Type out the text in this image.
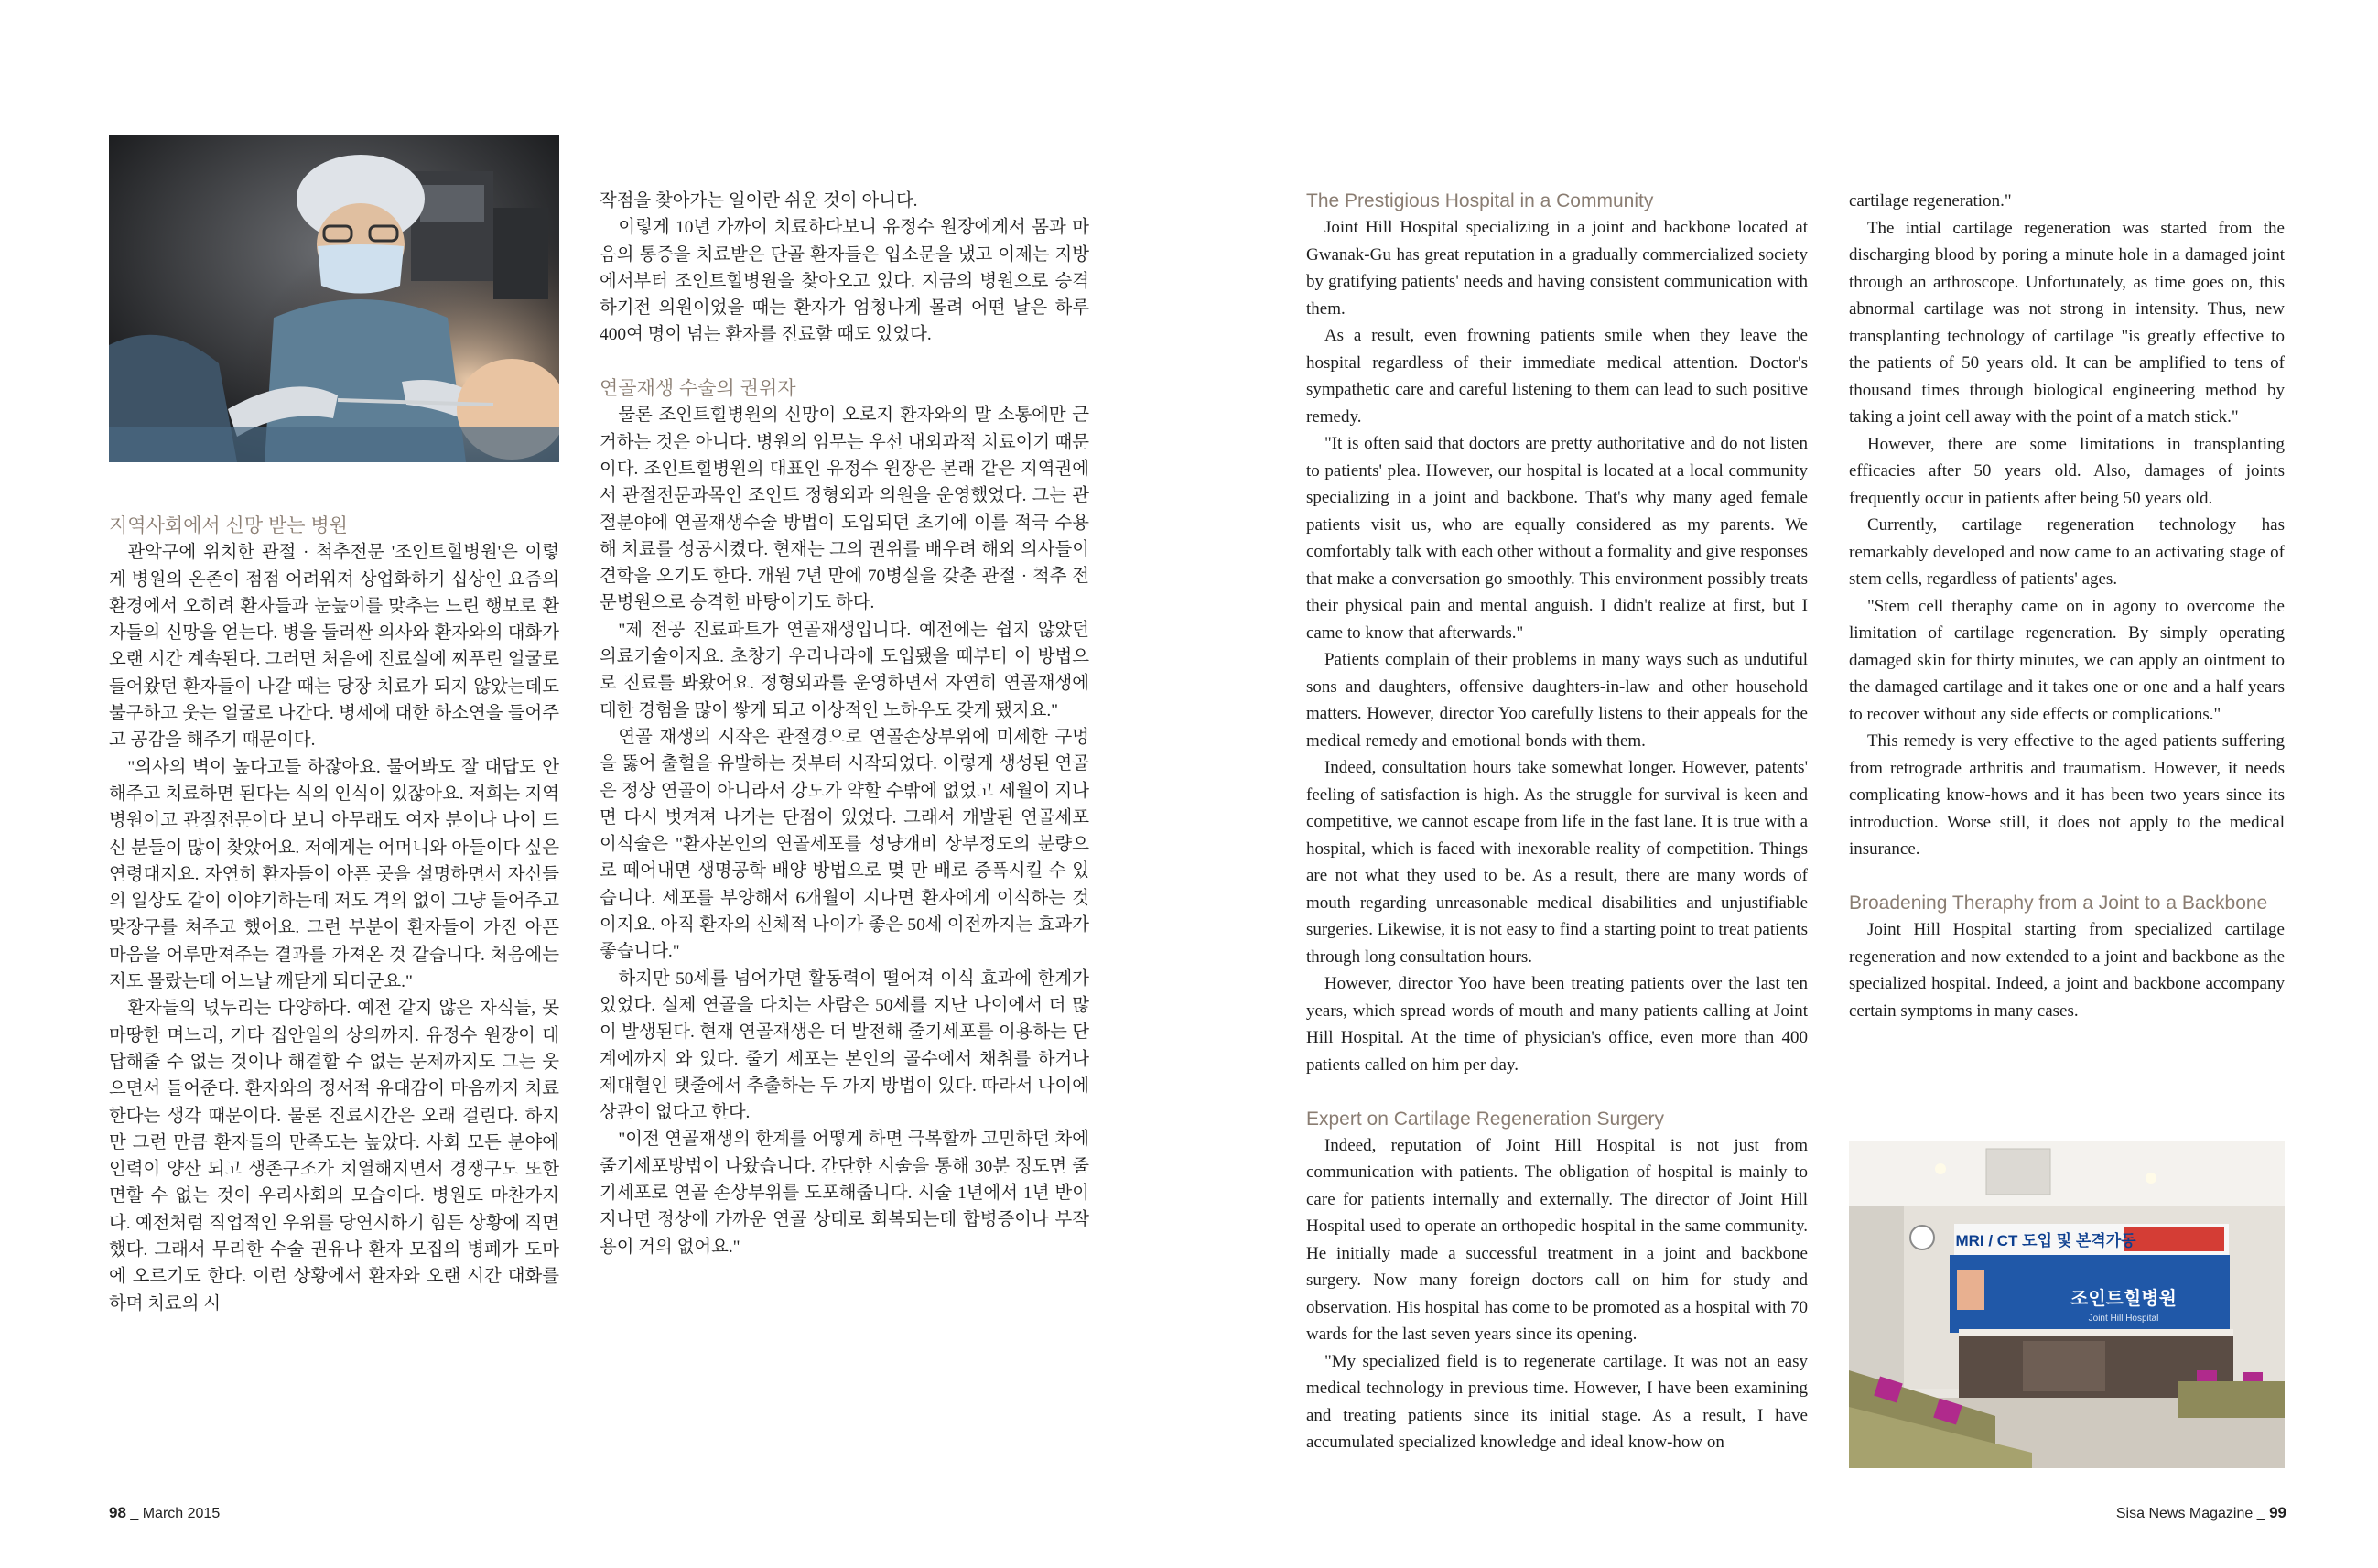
지역사회에서 신망 받는 병원

관악구에 위치한 관절 · 척추전문 '조인트힐병원'은 이렇게 병원의 온존이 점점 어려워져 상업화하기 십상인 요즘의 환경에서 오히려 환자들과 눈높이를 맞추는 느린 행보로 환자들의 신망을 얻는다. 병을 둘러싼 의사와 환자와의 대화가 오랜 시간 계속된다. 그러면 처음에 진료실에 찌푸린 얼굴로 들어왔던 환자들이 나갈 때는 당장 치료가 되지 않았는데도 불구하고 웃는 얼굴로 나간다. 병세에 대한 하소연을 들어주고 공감을 해주기 때문이다.

"의사의 벽이 높다고들 하잖아요. 물어봐도 잘 대답도 안해주고 치료하면 된다는 식의 인식이 있잖아요. 저희는 지역 병원이고 관절전문이다 보니 아무래도 여자 분이나 나이 드신 분들이 많이 찾았어요. 저에게는 어머니와 아들이다 싶은 연령대지요. 자연히 환자들이 아픈 곳을 설명하면서 자신들의 일상도 같이 이야기하는데 저도 격의 없이 그냥 들어주고 맞장구를 쳐주고 했어요. 그런 부분이 환자들이 가진 아픈 마음을 어루만져주는 결과를 가져온 것 같습니다. 처음에는 저도 몰랐는데 어느날 깨닫게 되더군요."

환자들의 넋두리는 다양하다. 예전 같지 않은 자식들, 못마땅한 며느리, 기타 집안일의 상의까지. 유정수 원장이 대답해줄 수 없는 것이나 해결할 수 없는 문제까지도 그는 웃으면서 들어준다. 환자와의 정서적 유대감이 마음까지 치료한다는 생각 때문이다. 물론 진료시간은 오래 걸린다. 하지만 그런 만큼 환자들의 만족도는 높았다. 사회 모든 분야에 인력이 양산 되고 생존구조가 치열해지면서 경쟁구도 또한 면할 수 없는 것이 우리사회의 모습이다. 병원도 마찬가지다. 예전처럼 직업적인 우위를 당연시하기 힘든 상황에 직면했다. 그래서 무리한 수술 권유나 환자 모집의 병폐가 도마에 오르기도 한다. 이런 상황에서 환자와 오랜 시간 대화를 하며 치료의 시

작점을 찾아가는 일이란 쉬운 것이 아니다.

이렇게 10년 가까이 치료하다보니 유정수 원장에게서 몸과 마음의 통증을 치료받은 단골 환자들은 입소문을 냈고 이제는 지방에서부터 조인트힐병원을 찾아오고 있다. 지금의 병원으로 승격 하기전 의원이었을 때는 환자가 엄청나게 몰려 어떤 날은 하루 400여 명이 넘는 환자를 진료할 때도 있었다.

연골재생 수술의 권위자

물론 조인트힐병원의 신망이 오로지 환자와의 말 소통에만 근거하는 것은 아니다. 병원의 임무는 우선 내외과적 치료이기 때문이다. 조인트힐병원의 대표인 유정수 원장은 본래 같은 지역권에서 관절전문과목인 조인트 정형외과 의원을 운영했었다. 그는 관절분야에 연골재생수술 방법이 도입되던 초기에 이를 적극 수용해 치료를 성공시켰다. 현재는 그의 권위를 배우려 해외 의사들이 견학을 오기도 한다. 개원 7년 만에 70병실을 갖춘 관절 · 척추 전문병원으로 승격한 바탕이기도 하다.

"제 전공 진료파트가 연골재생입니다. 예전에는 쉽지 않았던 의료기술이지요. 초창기 우리나라에 도입됐을 때부터 이 방법으로 진료를 봐왔어요. 정형외과를 운영하면서 자연히 연골재생에 대한 경험을 많이 쌓게 되고 이상적인 노하우도 갖게 됐지요."

연골 재생의 시작은 관절경으로 연골손상부위에 미세한 구멍을 뚫어 출혈을 유발하는 것부터 시작되었다. 이렇게 생성된 연골은 정상 연골이 아니라서 강도가 약할 수밖에 없었고 세월이 지나면 다시 벗겨져 나가는 단점이 있었다. 그래서 개발된 연골세포 이식술은 "환자본인의 연골세포를 성냥개비 상부정도의 분량으로 떼어내면 생명공학 배양 방법으로 몇 만 배로 증폭시킬 수 있습니다. 세포를 부양해서 6개월이 지나면 환자에게 이식하는 것이지요. 아직 환자의 신체적 나이가 좋은 50세 이전까지는 효과가 좋습니다."

하지만 50세를 넘어가면 활동력이 떨어져 이식 효과에 한계가 있었다. 실제 연골을 다치는 사람은 50세를 지난 나이에서 더 많이 발생된다. 현재 연골재생은 더 발전해 줄기세포를 이용하는 단계에까지 와 있다. 줄기 세포는 본인의 골수에서 채취를 하거나 제대혈인 탯줄에서 추출하는 두 가지 방법이 있다. 따라서 나이에 상관이 없다고 한다.

"이전 연골재생의 한계를 어떻게 하면 극복할까 고민하던 차에 줄기세포방법이 나왔습니다. 간단한 시술을 통해 30분 정도면 줄기세포로 연골 손상부위를 도포해줍니다. 시술 1년에서 1년 반이 지나면 정상에 가까운 연골 상태로 회복되는데 합병증이나 부작용이 거의 없어요."

98 _ March 2015
The Prestigious Hospital in a Community

Joint Hill Hospital specializing in a joint and backbone located at Gwanak-Gu has great reputation in a gradually commercialized society by gratifying patients' needs and having consistent communication with them.

As a result, even frowning patients smile when they leave the hospital regardless of their immediate medical attention. Doctor's sympathetic care and careful listening to them can lead to such positive remedy.

"It is often said that doctors are pretty authoritative and do not listen to patients' plea. However, our hospital is located at a local community specializing in a joint and backbone. That's why many aged female patients visit us, who are equally considered as my parents. We comfortably talk with each other without a formality and give responses that make a conversation go smoothly. This environment possibly treats their physical pain and mental anguish. I didn't realize at first, but I came to know that afterwards."

Patients complain of their problems in many ways such as undutiful sons and daughters, offensive daughters-in-law and other household matters. However, director Yoo carefully listens to their appeals for the medical remedy and emotional bonds with them.

Indeed, consultation hours take somewhat longer. However, patents' feeling of satisfaction is high. As the struggle for survival is keen and competitive, we cannot escape from life in the fast lane. It is true with a hospital, which is faced with inexorable reality of competition. Things are not what they used to be. As a result, there are many words of mouth regarding unreasonable medical disabilities and unjustifiable surgeries. Likewise, it is not easy to find a starting point to treat patients through long consultation hours.

However, director Yoo have been treating patients over the last ten years, which spread words of mouth and many patients calling at Joint Hill Hospital. At the time of physician's office, even more than 400 patients called on him per day.

Expert on Cartilage Regeneration Surgery

Indeed, reputation of Joint Hill Hospital is not just from communication with patients. The obligation of hospital is mainly to care for patients internally and externally. The director of Joint Hill Hospital used to operate an orthopedic hospital in the same community. He initially made a successful treatment in a joint and backbone surgery. Now many foreign doctors call on him for study and observation. His hospital has come to be promoted as a hospital with 70 wards for the last seven years since its opening.

"My specialized field is to regenerate cartilage. It was not an easy medical technology in previous time. However, I have been examining and treating patients since its initial stage. As a result, I have accumulated specialized knowledge and ideal know-how on

cartilage regeneration."

The intial cartilage regeneration was started from the discharging blood by poring a minute hole in a damaged joint through an arthroscope. Unfortunately, as time goes on, this abnormal cartilage was not strong in intensity. Thus, new transplanting technology of cartilage "is greatly effective to the patients of 50 years old. It can be amplified to tens of thousand times through biological engineering method by taking a joint cell away with the point of a match stick."

However, there are some limitations in transplanting efficacies after 50 years old. Also, damages of joints frequently occur in patients after being 50 years old.

Currently, cartilage regeneration technology has remarkably developed and now came to an activating stage of stem cells, regardless of patients' ages.

"Stem cell theraphy came on in agony to overcome the limitation of cartilage regeneration. By simply operating damaged skin for thirty minutes, we can apply an ointment to the damaged cartilage and it takes one or one and a half years to recover without any side effects or complications."

This remedy is very effective to the aged patients suffering from retrograde arthritis and traumatism. However, it needs complicating know-hows and it has been two years since its introduction. Worse still, it does not apply to the medical insurance.

Broadening Theraphy from a Joint to a Backbone

Joint Hill Hospital starting from specialized cartilage regeneration and now extended to a joint and backbone as the specialized hospital. Indeed, a joint and backbone accompany certain symptoms in many cases.

MRI / CT 도입 및 본격가동
조인트힐병원
Joint Hill Hospital
Sisa News Magazine _ 99
